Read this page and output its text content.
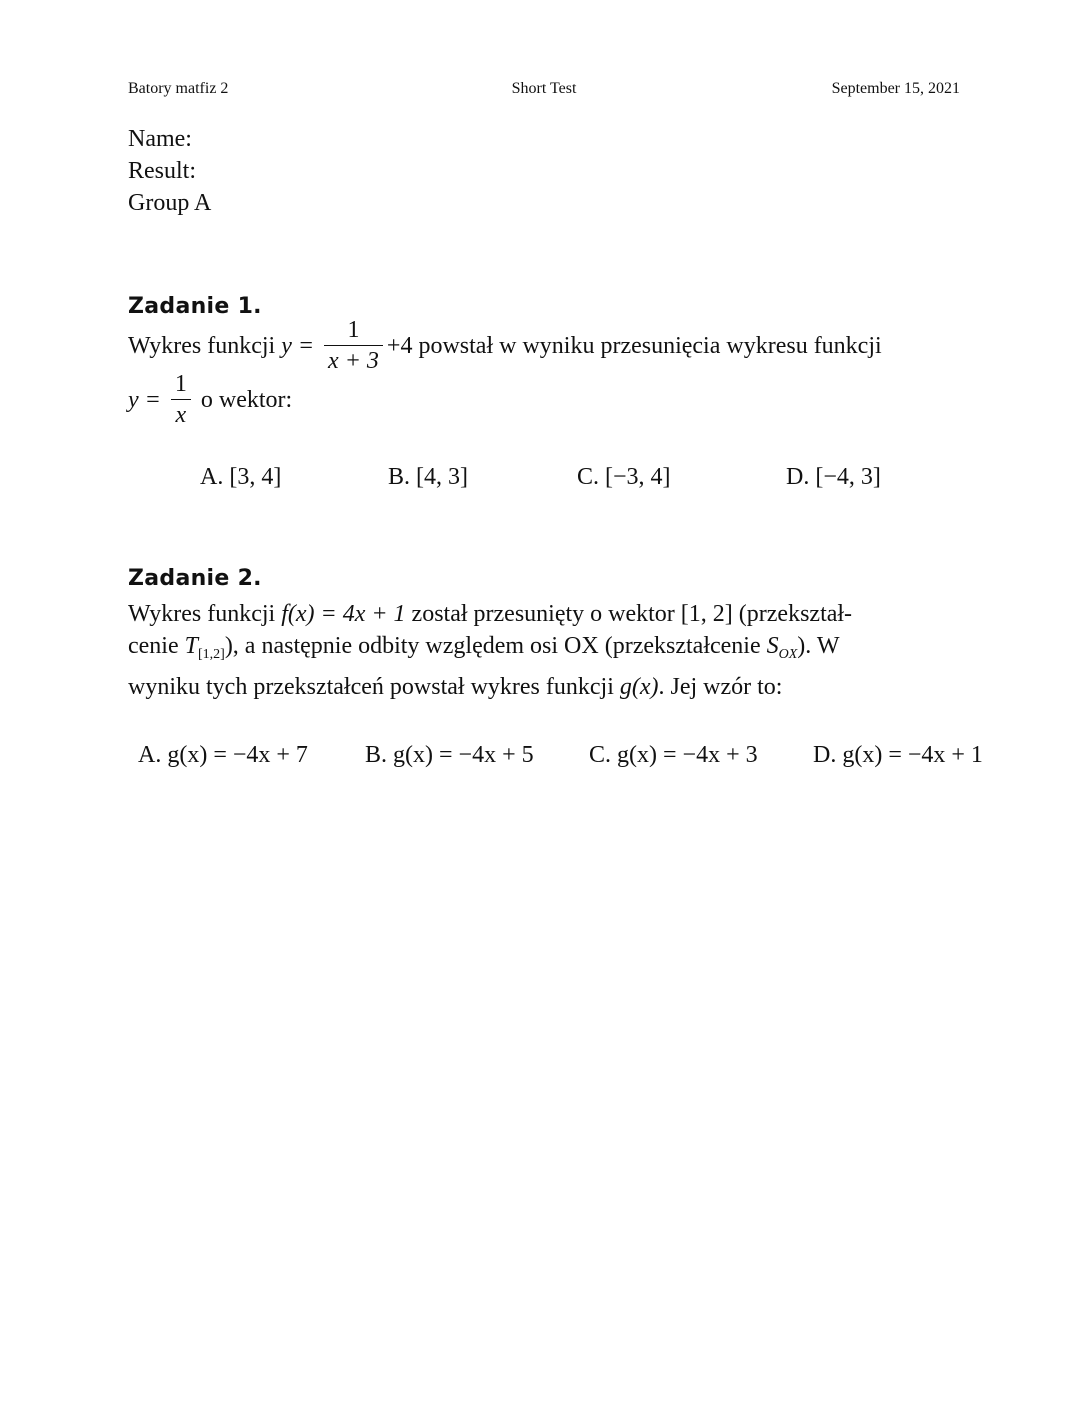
Batory matfiz 2	Short Test	September 15, 2021
Name:
Result:
Group A
Zadanie 1.
Wykres funkcji $y = \frac{1}{x + 3} +4$ powstał w wyniku przesunięcia wykresu funkcji
$y = \frac{1}{x}$ o wektor:
A. [3, 4]	B. [4, 3]	C. [−3, 4]	D. [−4, 3]
Zadanie 2.
Wykres funkcji f(x) = 4x + 1 został przesunięty o wektor [1, 2] (przekształ-
cenie $T_{[1,2]}$), a następnie odbity względem osi OX (przekształcenie $S_{OX}$). W
wyniku tych przekształceń powstał wykres funkcji g(x). Jej wzór to:
A. g(x) = −4x + 7 B. g(x) = −4x + 5 C. g(x) = −4x + 3 D. g(x) = −4x + 1
